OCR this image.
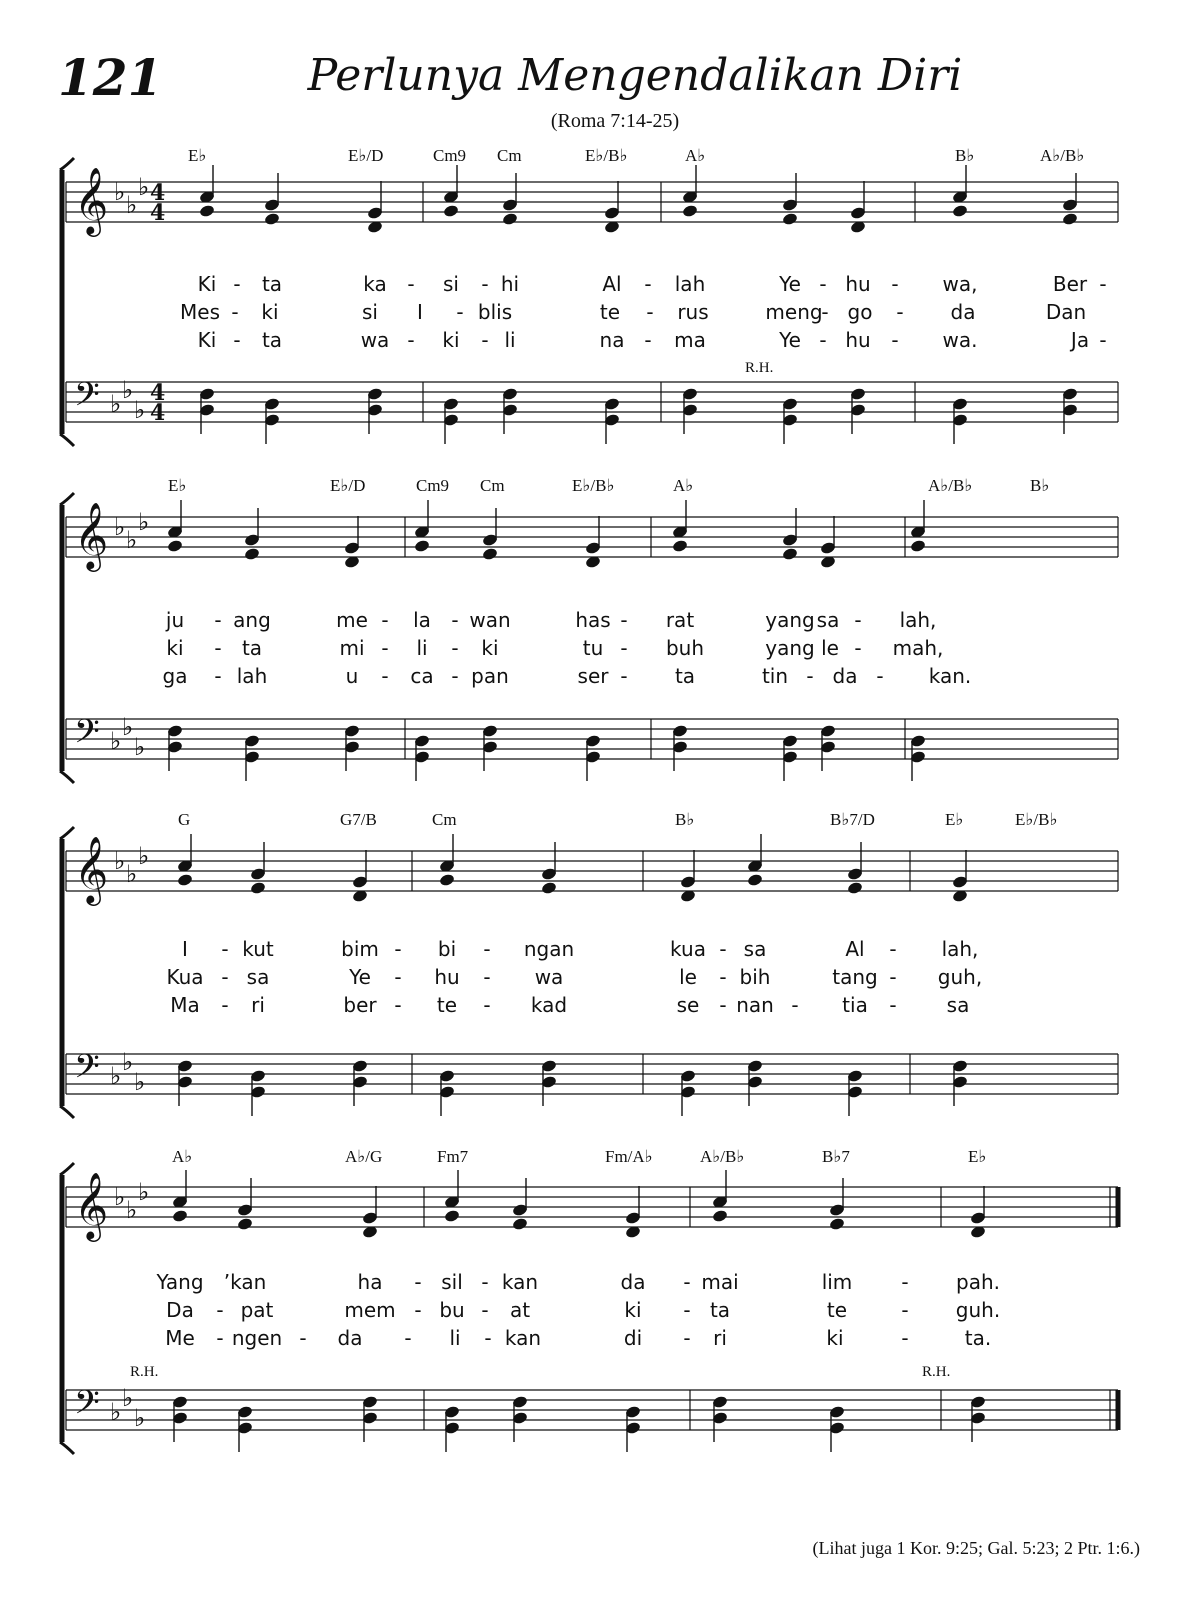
121	Perlunya Mengendalikan Diri
(Roma 7:14-25)
𝄞 ♭ ♭
♭ 4
4
𝄢 ♭ ♭
♭
4
4
𝄞 ♭ ♭
♭
𝄢 ♭ ♭
♭
𝄞 ♭ ♭
♭
𝄢 ♭ ♭
♭
𝄞 ♭ ♭
♭
𝄢 ♭ ♭
♭
E♭	E♭/D	Cm9 Cm	E♭/B♭	A♭	B♭	A♭/B♭
Ki - ta	ka - si - hi	Al - lah	Ye - hu - wa,	Ber -
Mes - ki	si I - blis	te - rus	meng
- go - da	Dan
Ki - ta	wa - ki - li	na - ma	Ye - hu - wa.	Ja -
R.H.
E♭	E♭/D	Cm9 Cm	E♭/B♭	A♭	A♭/B♭	B♭
ju - ang	me - la - wan	has - rat	yang sa - lah,
ki - ta	mi - li - ki	tu - buh	yang le - mah,
ga - lah	u - ca - pan	ser - ta	tin - da - kan.
G	G7/B	Cm	B♭	B♭7/D	E♭	E♭/B♭
I - kut	bim - bi - ngan	kua - sa	Al - lah,
Kua - sa	Ye - hu - wa	le - bih	tang - guh,
Ma - ri	ber - te - kad	se - nan - tia -	sa
A♭	A♭/G	Fm7	Fm/A♭	A♭/B♭	B♭7	E♭
Yang ’kan	ha - sil - kan	da - mai	lim - pah.
Da - pat	mem - bu - at	ki - ta	te	- guh.
Me - ngen - da - li - kan	di - ri	ki	-	ta.
R.H.	R.H.
(Lihat juga 1 Kor. 9:25; Gal. 5:23; 2 Ptr. 1:6.)
